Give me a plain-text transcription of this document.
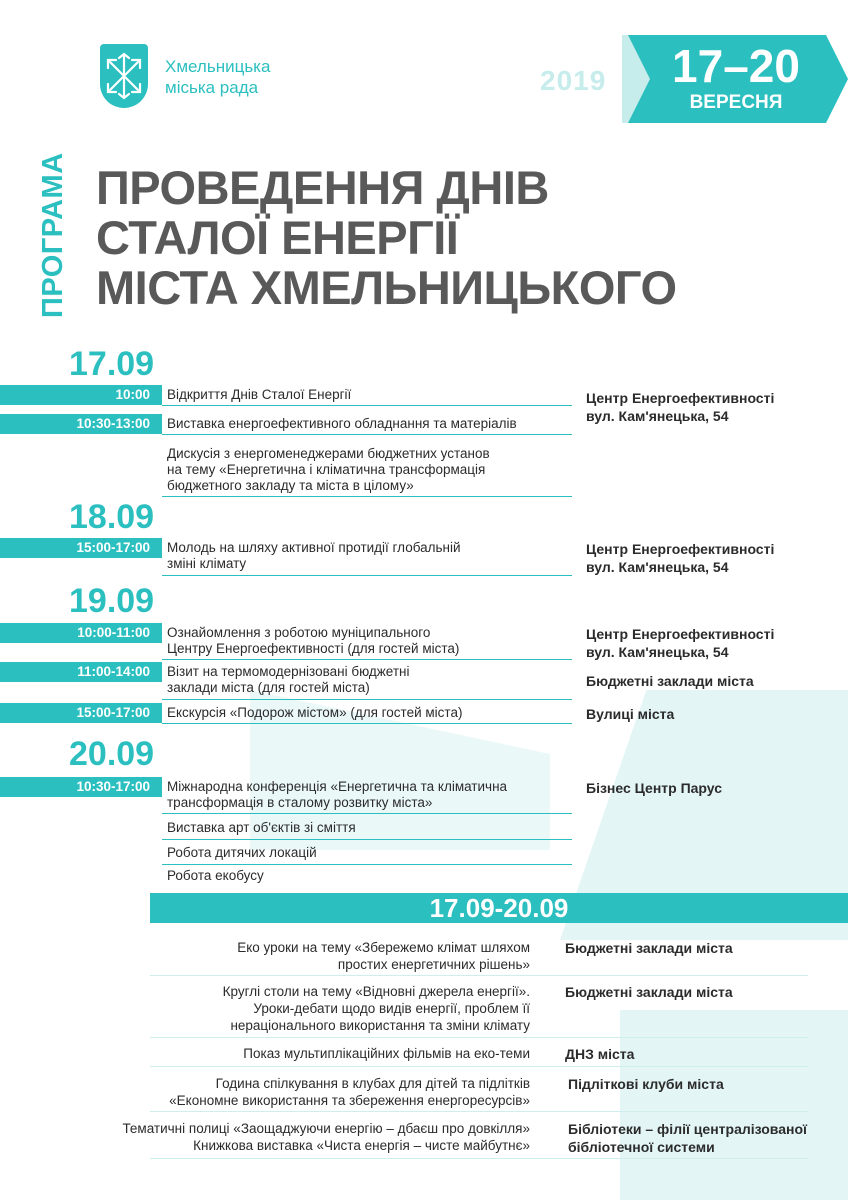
Хмельницька
міська рада	2019	17–20
ВЕРЕСНЯ
ПРОГРАМА ПРОВЕДЕННЯ ДНІВ
СТАЛОЇ ЕНЕРГІЇ
МІСТА ХМЕЛЬНИЦЬКОГО
17.09
10:00	Відкриття Днів Сталої Енергії
10:30-13:00	Виставка енергоефективного обладнання та матеріалів
Дискусія з енергоменеджерами бюджетних установ
на тему «Енергетична і кліматична трансформація
бюджетного закладу та міста в цілому»
Центр Енергоефективності
вул. Кам'янецька, 54
18.09
15:00-17:00	Молодь на шляху активної протидії глобальній
зміні клімату
Центр Енергоефективності
вул. Кам'янецька, 54
19.09
10:00-11:00	Ознайомлення з роботою муніципального
Центру Енергоефективності (для гостей міста)
Центр Енергоефективності
вул. Кам'янецька, 54
11:00-14:00	Візит на термомодернізовані бюджетні
заклади міста (для гостей міста)	Бюджетні заклади міста
15:00-17:00	Екскурсія «Подорож містом» (для гостей міста)	Вулиці міста
20.09
10:30-17:00	Міжнародна конференція «Енергетична та кліматична
трансформація в сталому розвитку міста»
Бізнес Центр Парус
Виставка арт об'єктів зі сміття
Робота дитячих локацій
Робота екобусу
17.09-20.09
Еко уроки на тему «Збережемо клімат шляхом
простих енергетичних рішень»
Бюджетні заклади міста
Круглі столи на тему «Відновні джерела енергії».
Уроки-дебати щодо видів енергії, проблем її
нераціонального використання та зміни клімату
Бюджетні заклади міста
Показ мультиплікаційних фільмів на еко-теми	ДНЗ міста
Година спілкування в клубах для дітей та підлітків
«Економне використання та збереження енергоресурсів»
Підліткові клуби міста
Тематичні полиці «Заощаджуючи енергію – дбаєш про довкілля»
Книжкова виставка «Чиста енергія – чисте майбутнє»
Бібліотеки – філії централізованої
бібліотечної системи
